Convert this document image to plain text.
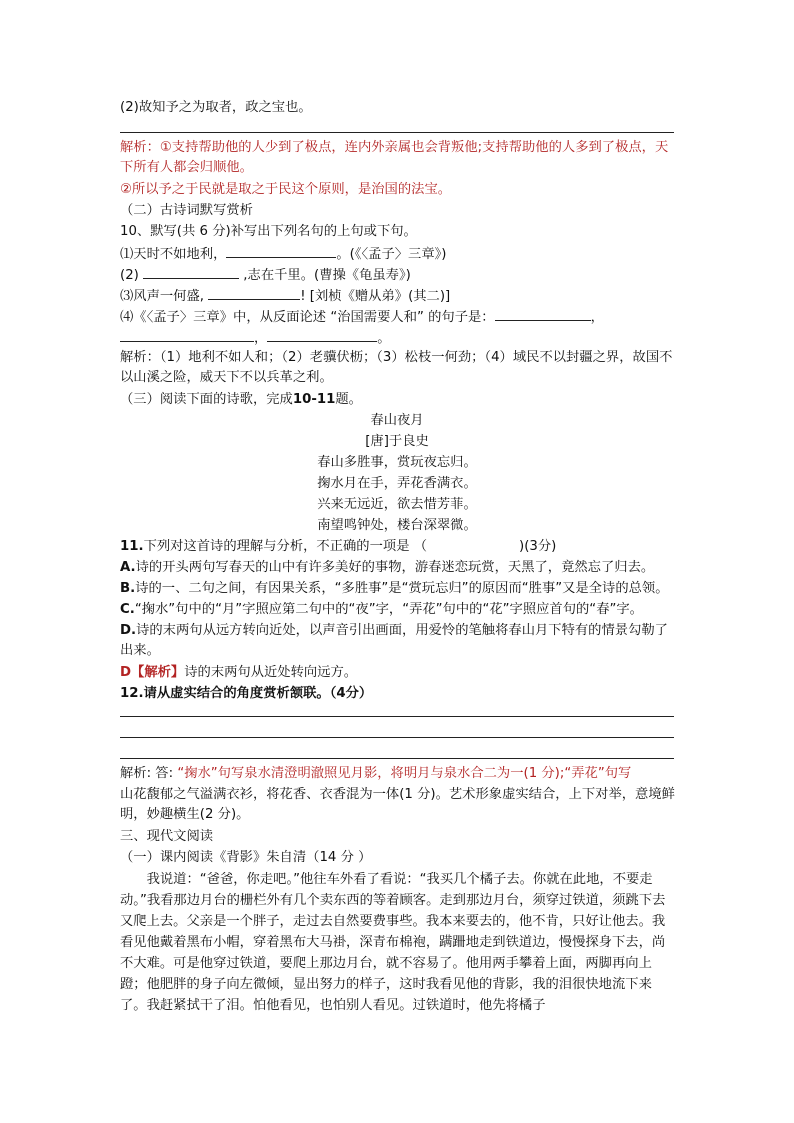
(2)故知予之为取者，政之宝也。
解析：①支持帮助他的人少到了极点，连内外亲属也会背叛他;支持帮助他的人多到了极点，天下所有人都会归顺他。
②所以予之于民就是取之于民这个原则，是治国的法宝。
（二）古诗词默写赏析
10、默写(共 6 分)补写出下列名句的上句或下句。
⑴天时不如地利，	。(《〈孟子〉三章》)
(2)	,志在千里。(曹操《龟虽寿》)
⑶风声一何盛,	! [刘桢《赠从弟》(其二)]
⑷《〈孟子〉三章》中，从反面论述 “治国需要人和” 的句子是：	，
，	。
解析：（1）地利不如人和；（2）老骥伏枥；（3）松枝一何劲；（4）域民不以封疆之界，故国不以山溪之险，威天下不以兵革之利。
（三）阅读下面的诗歌，完成10-11题。
春山夜月
[唐]于良史
春山多胜事，赏玩夜忘归。
掬水月在手，弄花香满衣。
兴来无远近，欲去惜芳菲。
南望鸣钟处，楼台深翠微。
11.下列对这首诗的理解与分析，不正确的一项是 （	)(3分)
A.诗的开头两句写春天的山中有许多美好的事物，游春迷恋玩赏，天黑了，竟然忘了归去。
B.诗的一、二句之间，有因果关系，“多胜事”是“赏玩忘归”的原因而“胜事”又是全诗的总领。
C.“掬水”句中的“月”字照应第二句中的“夜”字，“弄花”句中的“花”字照应首句的“春”字。
D.诗的末两句从远方转向近处，以声音引出画面，用爱怜的笔触将春山月下特有的情景勾勒了出来。
D【解析】诗的末两句从近处转向远方。
12.请从虚实结合的角度赏析颔联。（4分）
解析: 答: “掬水”句写泉水清澄明澈照见月影，将明月与泉水合二为一(1 分);“弄花”句写
山花馥郁之气溢满衣衫，将花香、衣香混为一体(1 分)。艺术形象虚实结合，上下对举，意境鲜明，妙趣横生(2 分)。
三、现代文阅读
（一）课内阅读《背影》朱自清（14 分 ）
我说道：“爸爸，你走吧。”他往车外看了看说：“我买几个橘子去。你就在此地，不要走动。”我看那边月台的栅栏外有几个卖东西的等着顾客。走到那边月台，须穿过铁道，须跳下去又爬上去。父亲是一个胖子，走过去自然要费事些。我本来要去的，他不肯，只好让他去。我看见他戴着黑布小帽，穿着黑布大马褂，深青布棉袍，蹒跚地走到铁道边，慢慢探身下去，尚不大难。可是他穿过铁道，要爬上那边月台，就不容易了。他用两手攀着上面，两脚再向上蹬；他肥胖的身子向左微倾，显出努力的样子，这时我看见他的背影，我的泪很快地流下来了。我赶紧拭干了泪。怕他看见，也怕别人看见。过铁道时，他先将橘子
